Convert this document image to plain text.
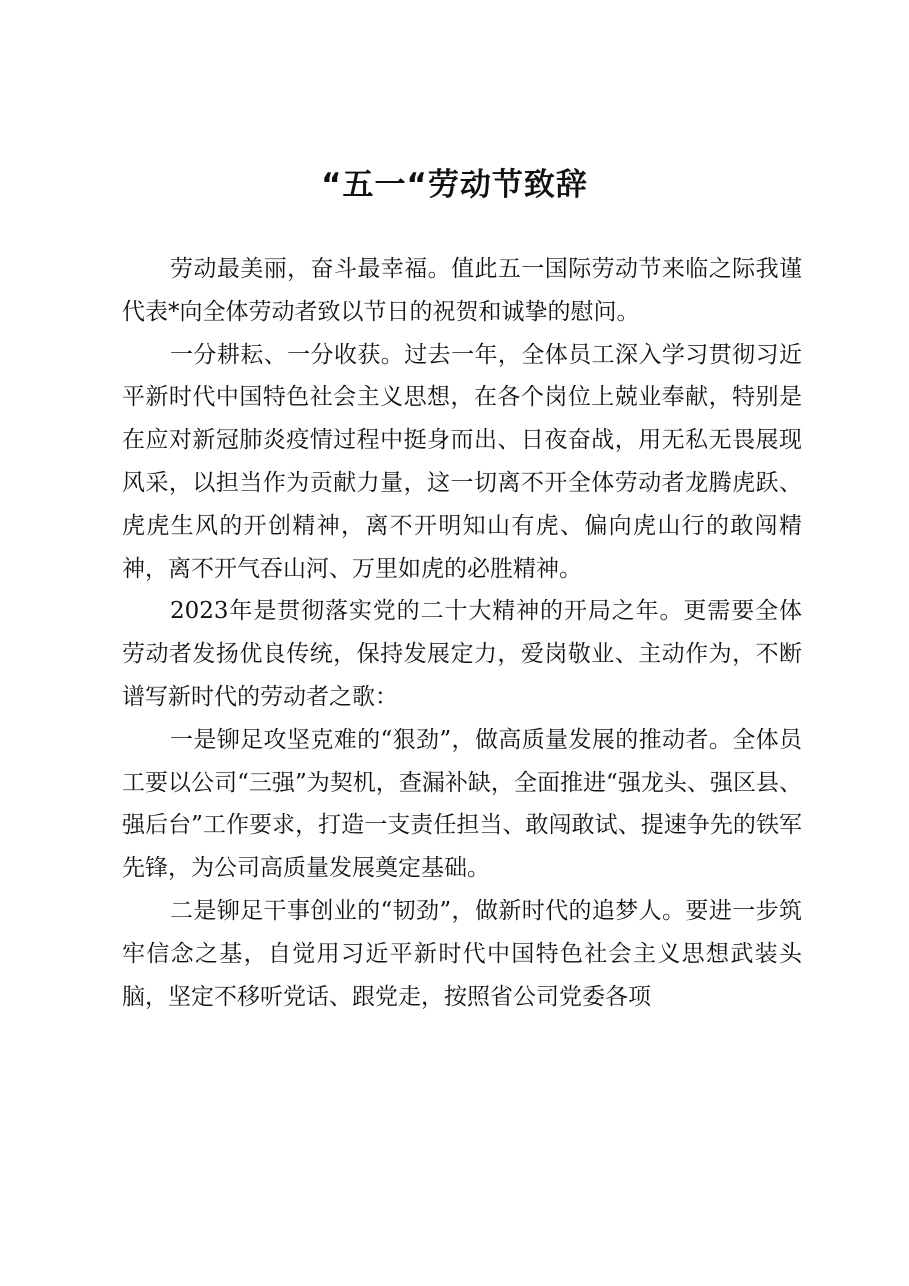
“五一“劳动节致辞

劳动最美丽，奋斗最幸福。值此五一国际劳动节来临之际我谨代表*向全体劳动者致以节日的祝贺和诚挚的慰问。

一分耕耘、一分收获。过去一年，全体员工深入学习贯彻习近平新时代中国特色社会主义思想，在各个岗位上兢业奉献，特别是在应对新冠肺炎疫情过程中挺身而出、日夜奋战，用无私无畏展现风采，以担当作为贡献力量，这一切离不开全体劳动者龙腾虎跃、虎虎生风的开创精神，离不开明知山有虎、偏向虎山行的敢闯精神，离不开气吞山河、万里如虎的必胜精神。

2023年是贯彻落实党的二十大精神的开局之年。更需要全体劳动者发扬优良传统，保持发展定力，爱岗敬业、主动作为，不断谱写新时代的劳动者之歌：

一是铆足攻坚克难的“狠劲”，做高质量发展的推动者。全体员工要以公司“三强”为契机，查漏补缺，全面推进“强龙头、强区县、强后台”工作要求，打造一支责任担当、敢闯敢试、提速争先的铁军先锋，为公司高质量发展奠定基础。

二是铆足干事创业的“韧劲”，做新时代的追梦人。要进一步筑牢信念之基，自觉用习近平新时代中国特色社会主义思想武装头脑，坚定不移听党话、跟党走，按照省公司党委各项
